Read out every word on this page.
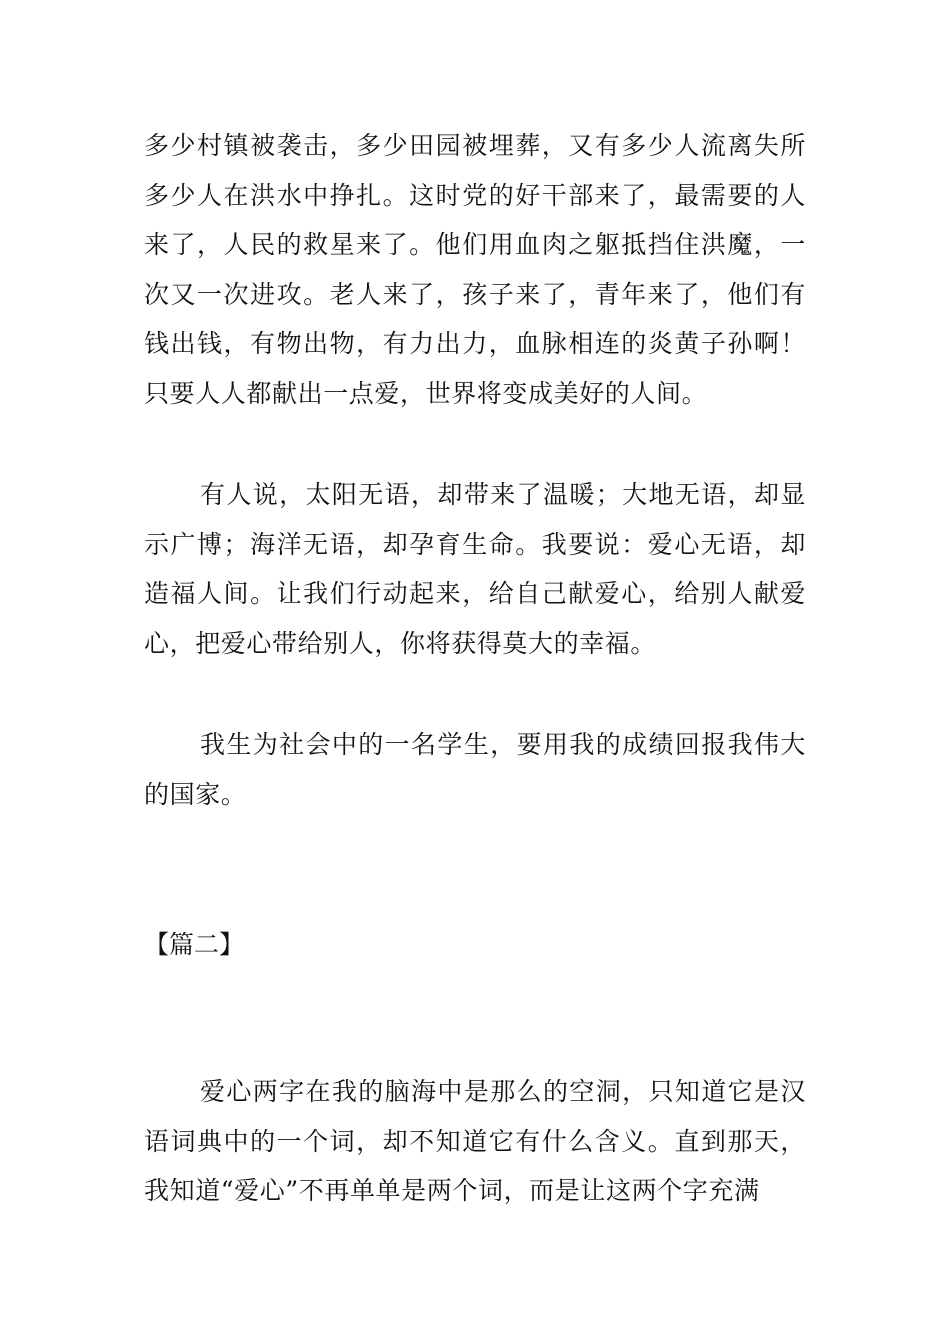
多少村镇被袭击，多少田园被埋葬，又有多少人流离失所多少人在洪水中挣扎。这时党的好干部来了，最需要的人来了，人民的救星来了。他们用血肉之躯抵挡住洪魔，一次又一次进攻。老人来了，孩子来了，青年来了，他们有钱出钱，有物出物，有力出力，血脉相连的炎黄子孙啊！只要人人都献出一点爱，世界将变成美好的人间。

有人说，太阳无语，却带来了温暖；大地无语，却显示广博；海洋无语，却孕育生命。我要说：爱心无语，却造福人间。让我们行动起来，给自己献爱心，给别人献爱心，把爱心带给别人，你将获得莫大的幸福。

我生为社会中的一名学生，要用我的成绩回报我伟大的国家。

【篇二】

爱心两字在我的脑海中是那么的空洞，只知道它是汉语词典中的一个词，却不知道它有什么含义。直到那天，我知道“爱心”不再单单是两个词，而是让这两个字充满
